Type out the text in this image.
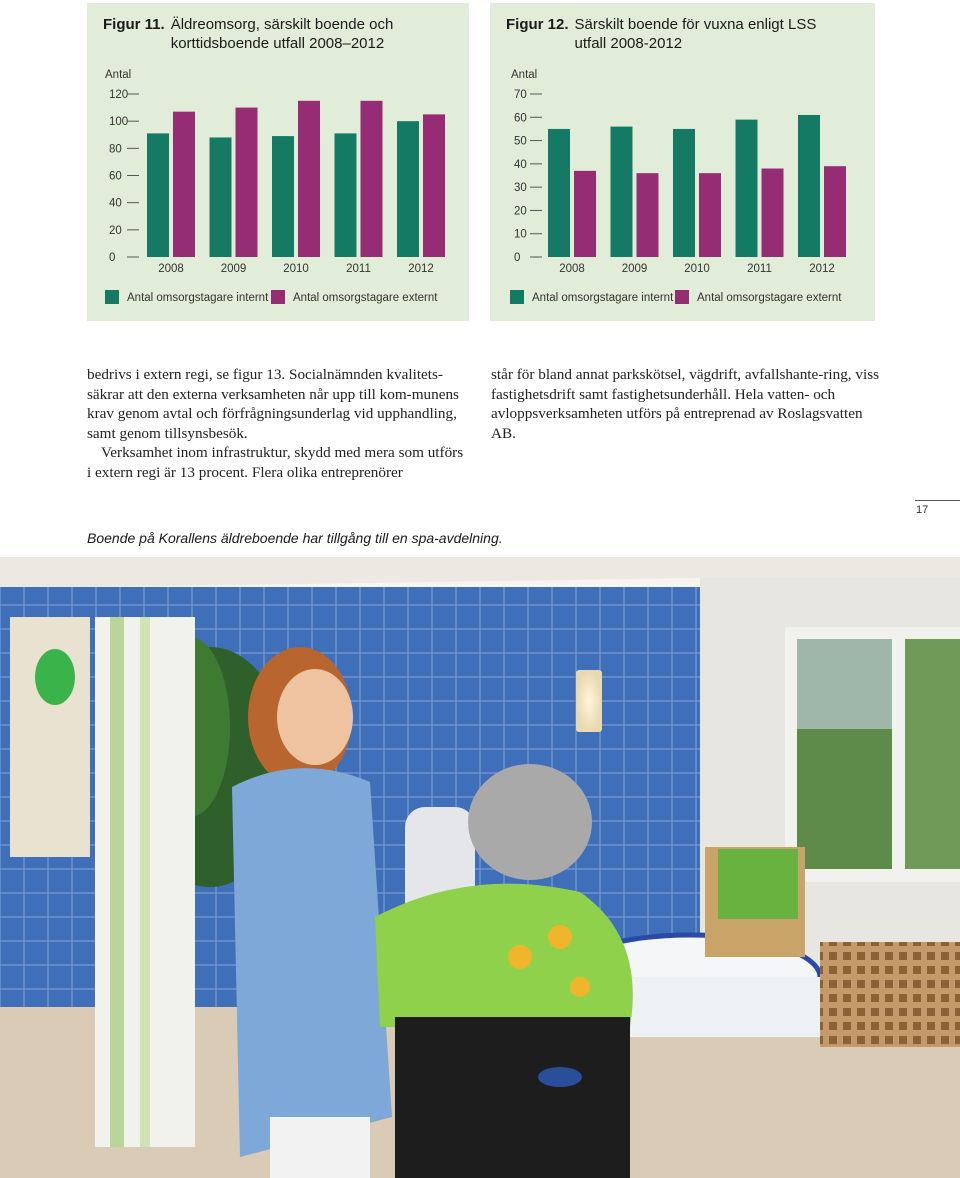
Figur 11. Äldreomsorg, särskilt boende och
korttidsboende utfall 2008–2012
Antal
0
20
40
60
80
100
120
2008	2009	2010	2011	2012
Antal omsorgstagare internt Antal omsorgstagare externt
Figur 12. Särskilt boende för vuxna enligt LSS
utfall 2008-2012
Antal
0
10
20
30
40
50
60
70
2008	2009	2010	2011	2012
Antal omsorgstagare internt Antal omsorgstagare externt

bedrivs i extern regi, se figur 13. Socialnämnden kvalitets-säkrar att den externa verksamheten når upp till kom-munens krav genom avtal och förfrågningsunderlag vid upphandling, samt genom tillsynsbesök.

Verksamhet inom infrastruktur, skydd med mera som utförs i extern regi är 13 procent. Flera olika entreprenörer

står för bland annat parkskötsel, vägdrift, avfallshante-ring, viss fastighetsdrift samt fastighetsunderhåll. Hela vatten- och avloppsverksamheten utförs på entreprenad av Roslagsvatten AB.

17
Boende på Korallens äldreboende har tillgång till en spa-avdelning.
